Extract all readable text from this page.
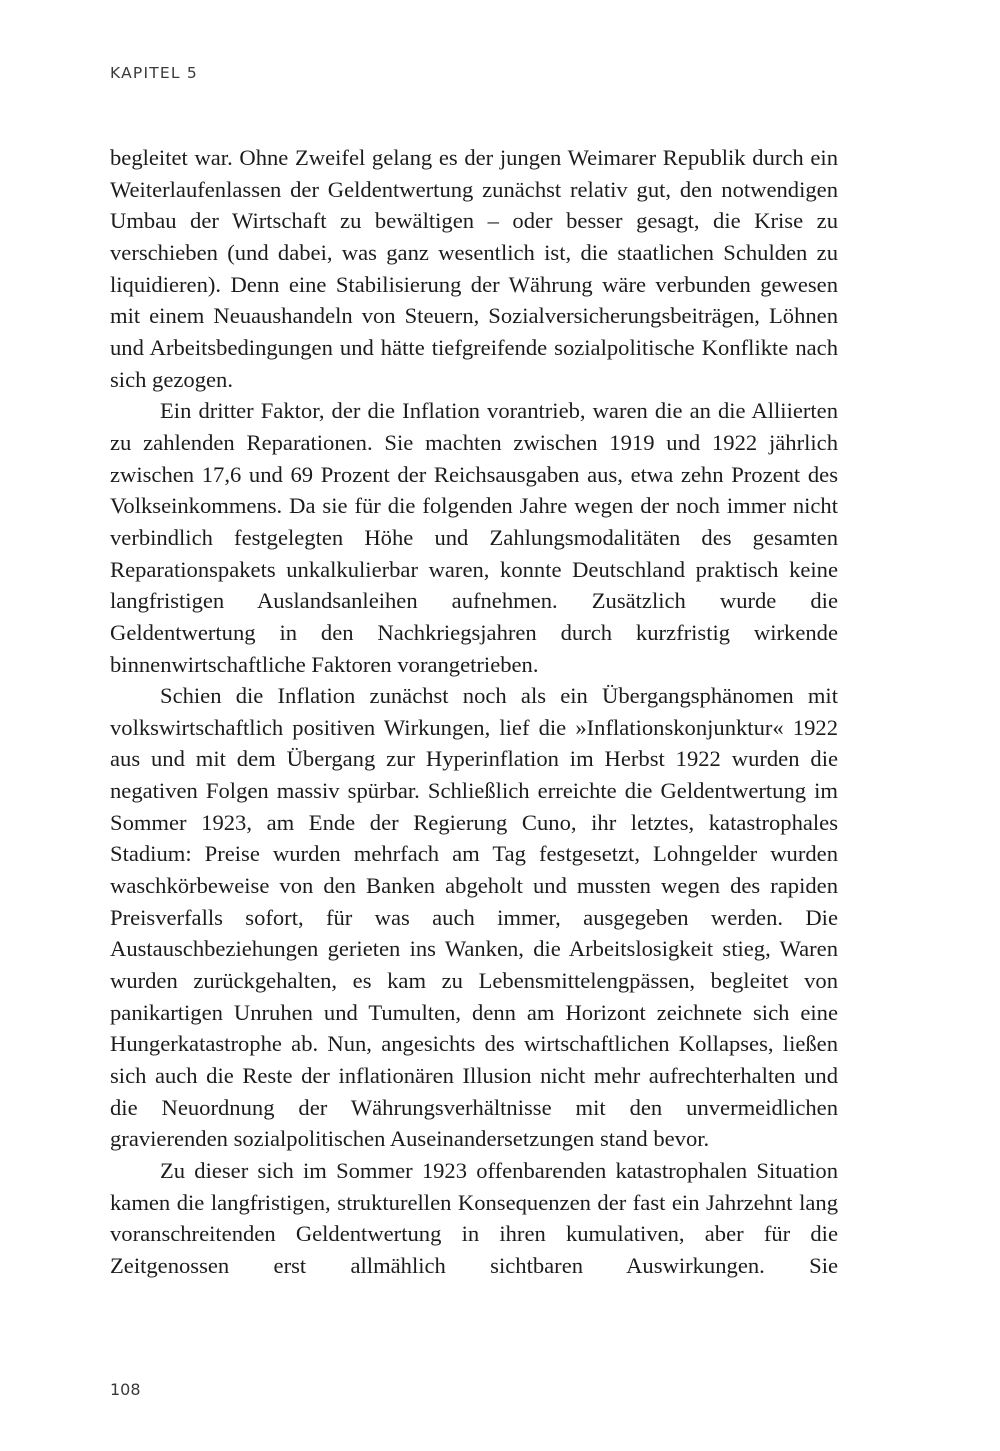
KAPITEL 5

begleitet war. Ohne Zweifel gelang es der jungen Weimarer Republik durch ein Weiterlaufenlassen der Geldentwertung zunächst relativ gut, den notwendigen Umbau der Wirtschaft zu bewältigen – oder besser gesagt, die Krise zu verschieben (und dabei, was ganz wesentlich ist, die staatlichen Schulden zu liquidieren). Denn eine Stabilisierung der Währung wäre verbunden gewesen mit einem Neuaushandeln von Steuern, Sozialversicherungsbeiträgen, Löhnen und Arbeitsbedingungen und hätte tiefgreifende sozialpolitische Konflikte nach sich gezogen.

Ein dritter Faktor, der die Inflation vorantrieb, waren die an die Alliierten zu zahlenden Reparationen. Sie machten zwischen 1919 und 1922 jährlich zwischen 17,6 und 69 Prozent der Reichsausgaben aus, etwa zehn Prozent des Volkseinkommens. Da sie für die folgenden Jahre wegen der noch immer nicht verbindlich festgelegten Höhe und Zahlungsmodalitäten des gesamten Reparationspakets unkalkulierbar waren, konnte Deutschland praktisch keine langfristigen Auslandsanleihen aufnehmen. Zusätzlich wurde die Geldentwertung in den Nachkriegsjahren durch kurzfristig wirkende binnenwirtschaftliche Faktoren vorangetrieben.

Schien die Inflation zunächst noch als ein Übergangsphänomen mit volkswirtschaftlich positiven Wirkungen, lief die »Inflationskonjunktur« 1922 aus und mit dem Übergang zur Hyperinflation im Herbst 1922 wurden die negativen Folgen massiv spürbar. Schließlich erreichte die Geldentwertung im Sommer 1923, am Ende der Regierung Cuno, ihr letztes, katastrophales Stadium: Preise wurden mehrfach am Tag festgesetzt, Lohngelder wurden waschkörbeweise von den Banken abgeholt und mussten wegen des rapiden Preisverfalls sofort, für was auch immer, ausgegeben werden. Die Austauschbeziehungen gerieten ins Wanken, die Arbeitslosigkeit stieg, Waren wurden zurückgehalten, es kam zu Lebensmittelengpässen, begleitet von panikartigen Unruhen und Tumulten, denn am Horizont zeichnete sich eine Hungerkatastrophe ab. Nun, angesichts des wirtschaftlichen Kollapses, ließen sich auch die Reste der inflationären Illusion nicht mehr aufrechterhalten und die Neuordnung der Währungsverhältnisse mit den unvermeidlichen gravierenden sozialpolitischen Auseinandersetzungen stand bevor.

Zu dieser sich im Sommer 1923 offenbarenden katastrophalen Situation kamen die langfristigen, strukturellen Konsequenzen der fast ein Jahrzehnt lang voranschreitenden Geldentwertung in ihren kumulativen, aber für die Zeitgenossen erst allmählich sichtbaren Auswirkungen. Sie

108
